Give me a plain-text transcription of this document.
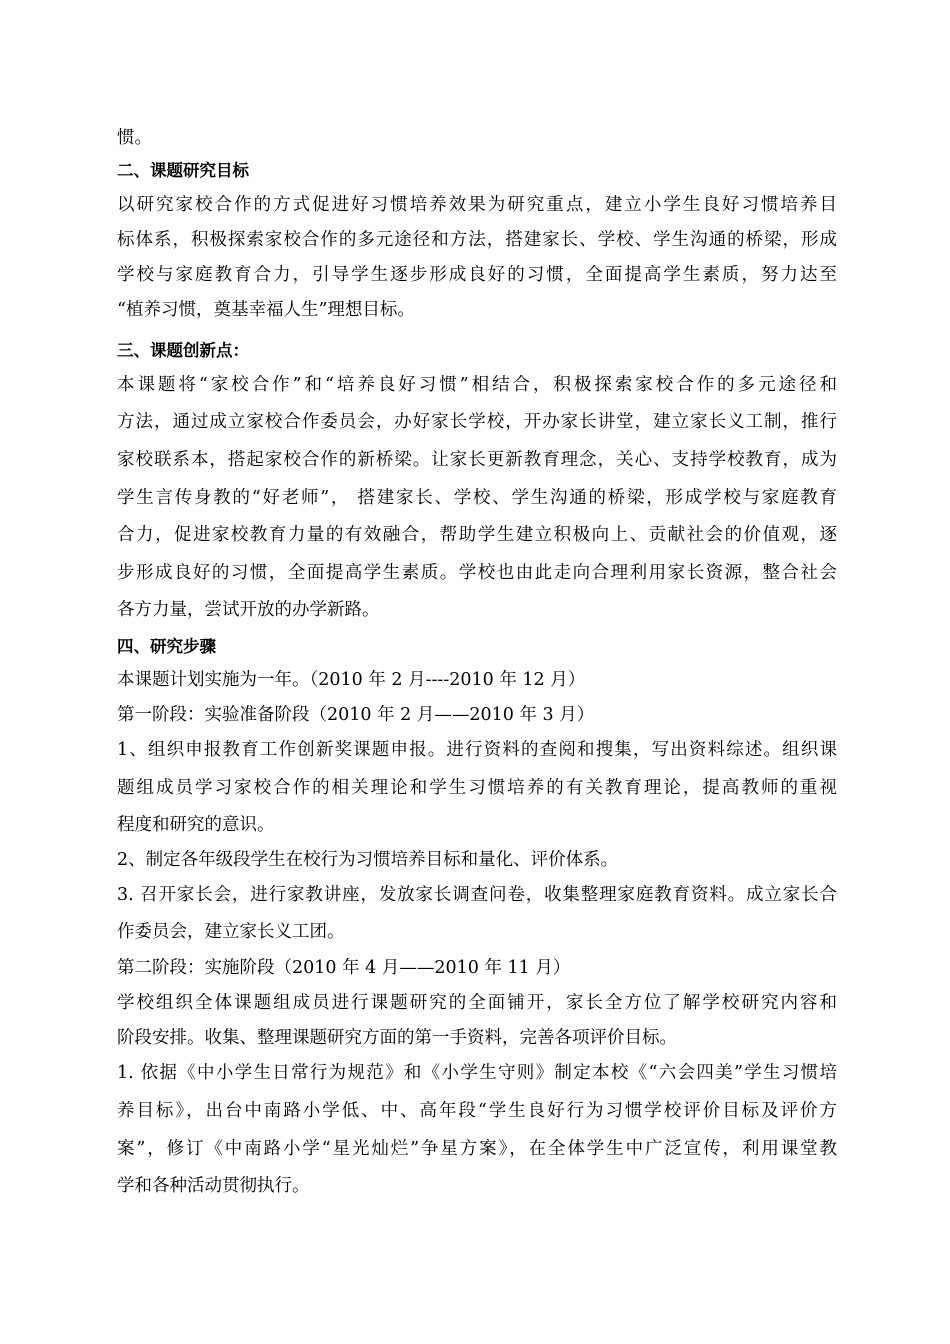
惯。
二、课题研究目标
以研究家校合作的方式促进好习惯培养效果为研究重点，建立小学生良好习惯培养目
标体系，积极探索家校合作的多元途径和方法，搭建家长、学校、学生沟通的桥梁，形成
学校与家庭教育合力，引导学生逐步形成良好的习惯，全面提高学生素质，努力达至
“植养习惯，奠基幸福人生”理想目标。
三、课题创新点：
本课题将“家校合作”和“培养良好习惯”相结合，积极探索家校合作的多元途径和
方法，通过成立家校合作委员会，办好家长学校，开办家长讲堂，建立家长义工制，推行
家校联系本，搭起家校合作的新桥梁。让家长更新教育理念，关心、支持学校教育，成为
学生言传身教的“好老师”， 搭建家长、学校、学生沟通的桥梁，形成学校与家庭教育
合力，促进家校教育力量的有效融合，帮助学生建立积极向上、贡献社会的价值观，逐
步形成良好的习惯，全面提高学生素质。学校也由此走向合理利用家长资源，整合社会
各方力量，尝试开放的办学新路。
四、研究步骤
本课题计划实施为一年。（2010 年 2 月----2010 年 12 月）
第一阶段：实验准备阶段（2010 年 2 月——2010 年 3 月）
1、组织申报教育工作创新奖课题申报。进行资料的查阅和搜集，写出资料综述。组织课
题组成员学习家校合作的相关理论和学生习惯培养的有关教育理论，提高教师的重视
程度和研究的意识。
2、制定各年级段学生在校行为习惯培养目标和量化、评价体系。
3. 召开家长会，进行家教讲座，发放家长调查问卷，收集整理家庭教育资料。成立家长合
作委员会，建立家长义工团。
第二阶段：实施阶段（2010 年 4 月——2010 年 11 月）
学校组织全体课题组成员进行课题研究的全面铺开，家长全方位了解学校研究内容和
阶段安排。收集、整理课题研究方面的第一手资料，完善各项评价目标。
1. 依据《中小学生日常行为规范》和《小学生守则》制定本校《“六会四美”学生习惯培
养目标》，出台中南路小学低、中、高年段“学生良好行为习惯学校评价目标及评价方
案”，修订《中南路小学“星光灿烂”争星方案》，在全体学生中广泛宣传，利用课堂教
学和各种活动贯彻执行。
